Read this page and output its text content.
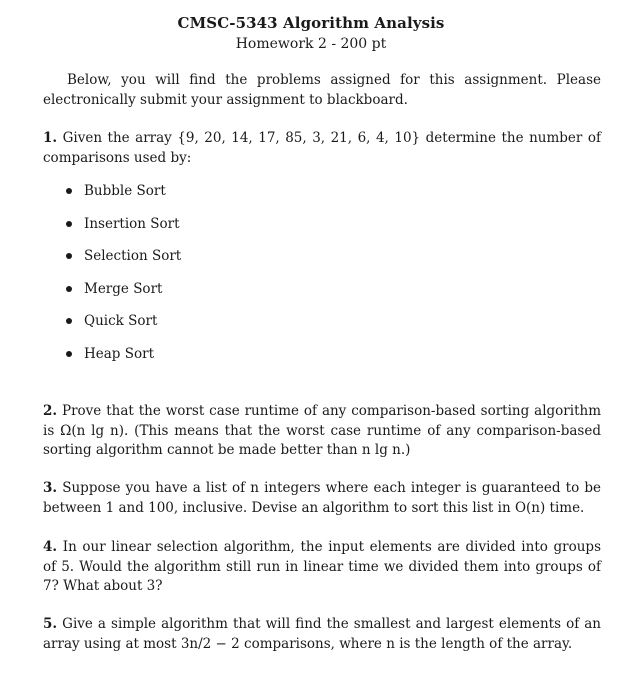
CMSC-5343 Algorithm Analysis
Homework 2 - 200 pt
Below, you will find the problems assigned for this assignment. Please electronically submit your assignment to blackboard.
1. Given the array {9, 20, 14, 17, 85, 3, 21, 6, 4, 10} determine the number of comparisons used by:
Bubble Sort
Insertion Sort
Selection Sort
Merge Sort
Quick Sort
Heap Sort
2. Prove that the worst case runtime of any comparison-based sorting algorithm is Ω(n lg n). (This means that the worst case runtime of any comparison-based sorting algorithm cannot be made better than n lg n.)
3. Suppose you have a list of n integers where each integer is guaranteed to be between 1 and 100, inclusive. Devise an algorithm to sort this list in O(n) time.
4. In our linear selection algorithm, the input elements are divided into groups of 5. Would the algorithm still run in linear time we divided them into groups of 7? What about 3?
5. Give a simple algorithm that will find the smallest and largest elements of an array using at most 3n/2 − 2 comparisons, where n is the length of the array.
